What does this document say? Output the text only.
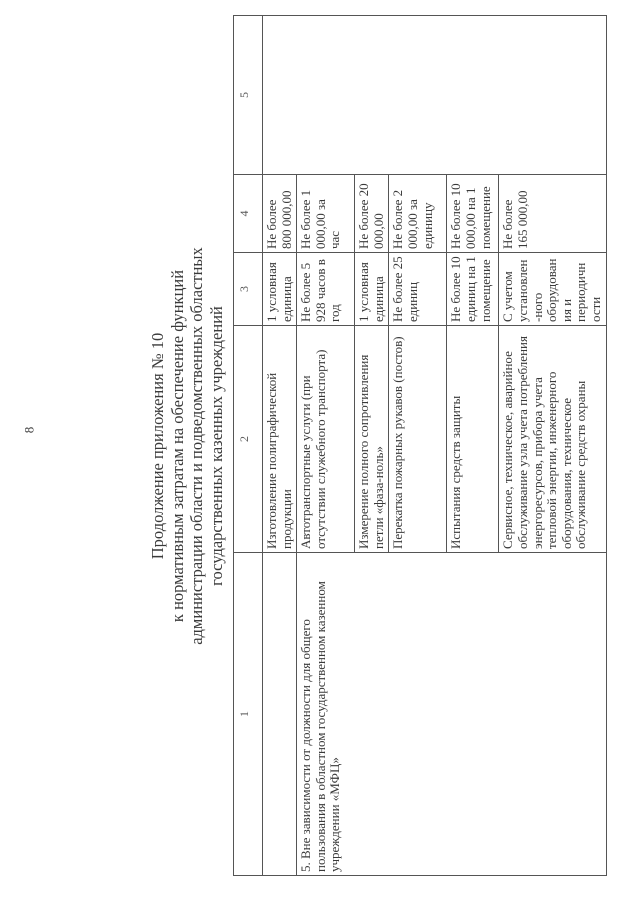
8	Продолжение приложения № 10 к нормативным затратам на обеспечение функций администрации области и подведомственных областных государственных казенных учреждений
1	2	3	4	5
	Изготовление полиграфической продукции	1 условная единица	Не более 800 000,00	
5. Вне зависимости от должности для общего пользования в областном государственном казенном учреждении «МФЦ»	Автотранспортные услуги (при отсутствии служебного транспорта)	Не более 5 928 часов в год	Не более 1 000,00 за час	
	Измерение полного сопротивления петли «фаза-ноль»	1 условная единица	Не более 20 000,00	
	Перекатка пожарных рукавов (постов)	Не более 25 единиц	Не более 2 000,00 за единицу	
	Испытания средств защиты	Не более 10 единиц на 1 помещение	Не более 10 000,00 на 1 помещение	
	Сервисное, техническое, аварийное обслуживание узла учета потребления энергоресурсов, прибора учета тепловой энергии, инженерного оборудования, техническое обслуживание средств охраны	С учетом установлен-ного оборудования и периодичности	Не более 165 000,00	
